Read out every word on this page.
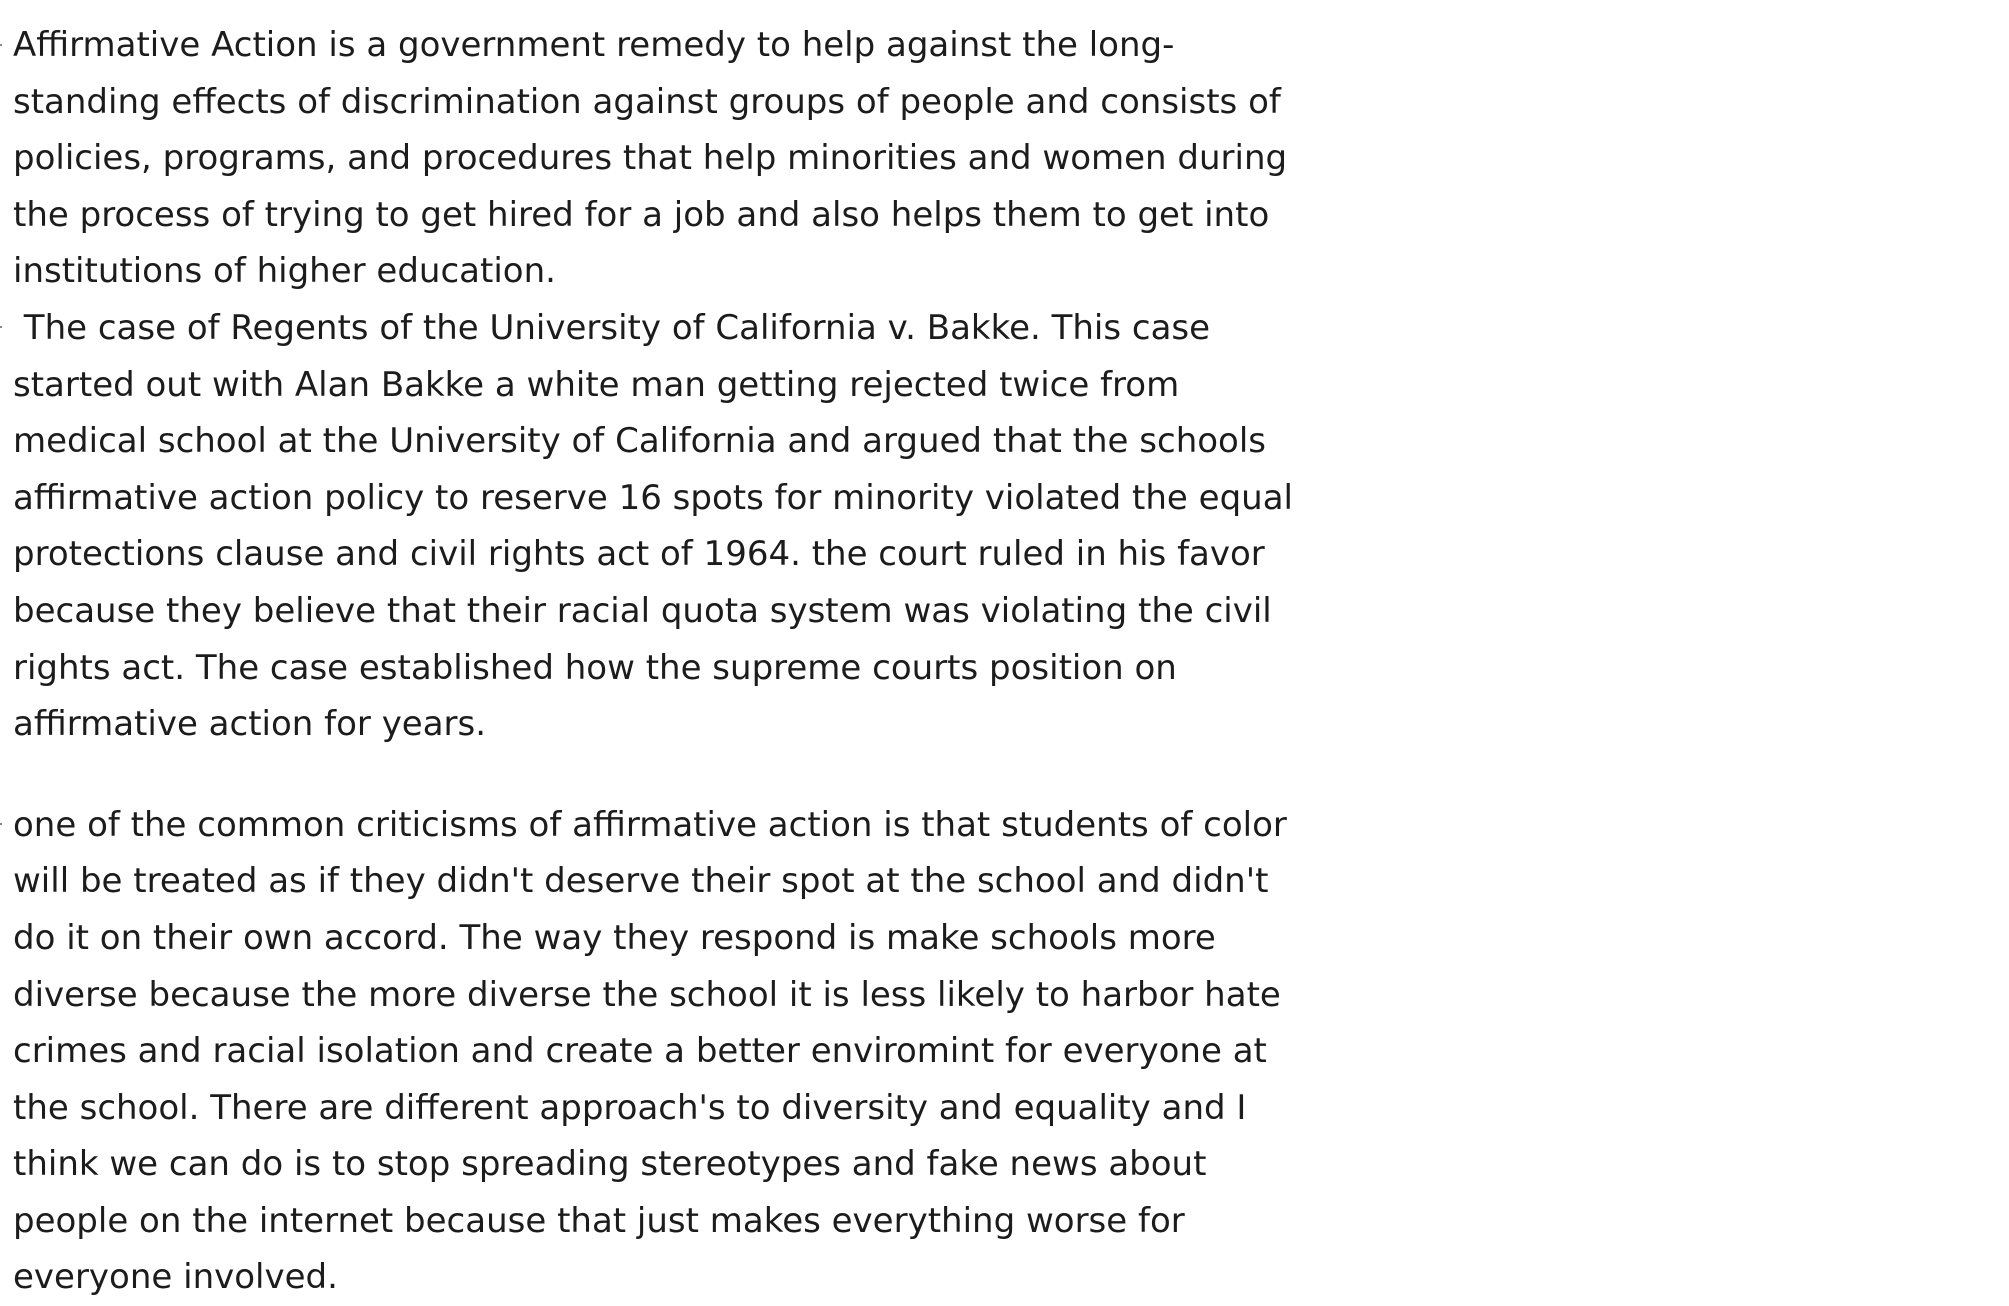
Affirmative Action is a government remedy to help against the long-
standing effects of discrimination against groups of people and consists of
policies, programs, and procedures that help minorities and women during
the process of trying to get hired for a job and also helps them to get into
institutions of higher education.
The case of Regents of the University of California v. Bakke. This case
started out with Alan Bakke a white man getting rejected twice from
medical school at the University of California and argued that the schools
affirmative action policy to reserve 16 spots for minority violated the equal
protections clause and civil rights act of 1964. the court ruled in his favor
because they believe that their racial quota system was violating the civil
rights act. The case established how the supreme courts position on
affirmative action for years.
one of the common criticisms of affirmative action is that students of color
will be treated as if they didn't deserve their spot at the school and didn't
do it on their own accord. The way they respond is make schools more
diverse because the more diverse the school it is less likely to harbor hate
crimes and racial isolation and create a better enviromint for everyone at
the school. There are different approach's to diversity and equality and I
think we can do is to stop spreading stereotypes and fake news about
people on the internet because that just makes everything worse for
everyone involved.
